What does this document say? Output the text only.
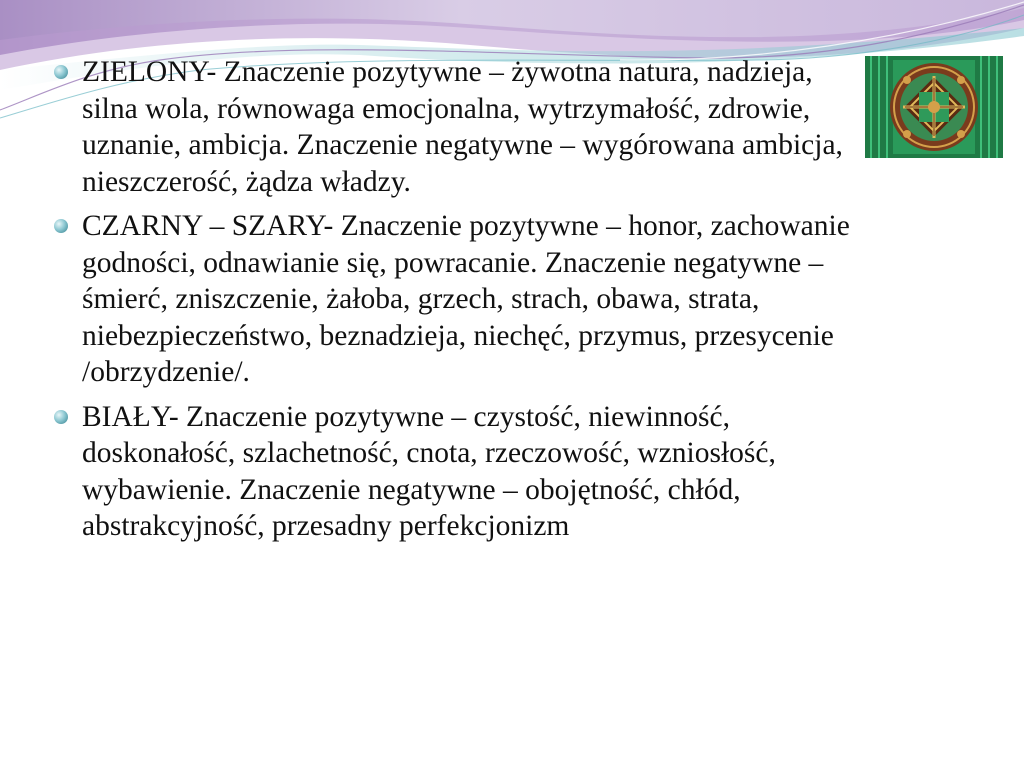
ZIELONY- Znaczenie pozytywne – żywotna natura, nadzieja, silna wola, równowaga emocjonalna, wytrzymałość, zdrowie, uznanie, ambicja. Znaczenie negatywne – wygórowana ambicja, nieszczerość, żądza władzy.
CZARNY – SZARY- Znaczenie pozytywne – honor, zachowanie godności, odnawianie się, powracanie. Znaczenie negatywne – śmierć, zniszczenie, żałoba, grzech, strach, obawa, strata, niebezpieczeństwo, beznadzieja, niechęć, przymus, przesycenie /obrzydzenie/.
BIAŁY- Znaczenie pozytywne – czystość, niewinność, doskonałość, szlachetność, cnota, rzeczowość, wzniosłość, wybawienie. Znaczenie negatywne – obojętność, chłód, abstrakcyjność, przesadny perfekcjonizm
